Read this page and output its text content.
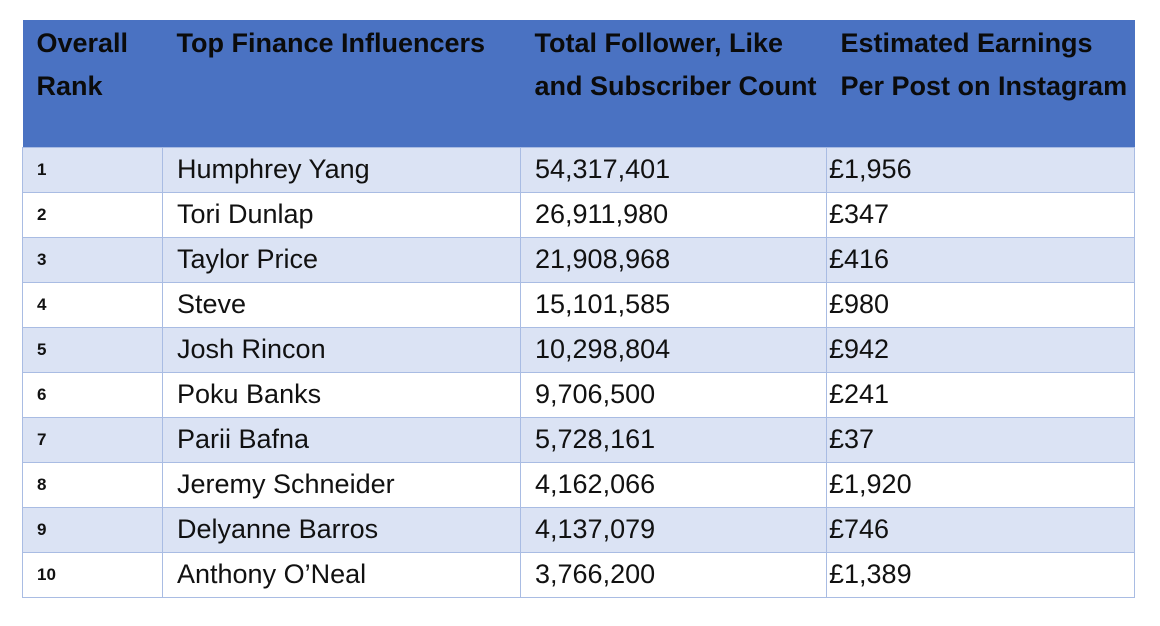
Overall Rank	Top Finance Influencers	Total Follower, Like and Subscriber Count	Estimated Earnings Per Post on Instagram

1	Humphrey Yang	54,317,401	£1,956
2	Tori Dunlap	26,911,980	£347
3	Taylor Price	21,908,968	£416
4	Steve	15,101,585	£980
5	Josh Rincon	10,298,804	£942
6	Poku Banks	9,706,500	£241
7	Parii Bafna	5,728,161	£37
8	Jeremy Schneider	4,162,066	£1,920
9	Delyanne Barros	4,137,079	£746
10	Anthony O’Neal	3,766,200	£1,389
